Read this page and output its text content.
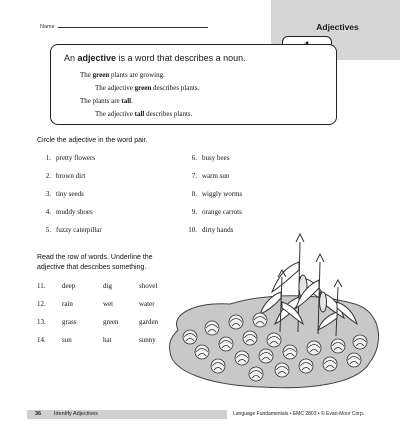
Name	Adjectives
An adjective is a word that describes a noun.
The green plants are growing.
The adjective green describes plants.
The plants are tall.
The adjective tall describes plants.
Circle the adjective in the word pair.
1. pretty flowers
2. brown dirt
3. tiny seeds
4. muddy shoes
5. fuzzy caterpillar
6. busy bees
7. warm sun
8. wiggly worms
9. orange carrots
10. dirty hands
Read the row of words. Underline the
adjective that describes something.
11. deep	dig	shovel
12. rain	wet	water
13. grass	green	garden
14. sun	hat	sunny
36 Identify Adjectives	Language Fundamentals • EMC 2803 • © Evan-Moor Corp.
